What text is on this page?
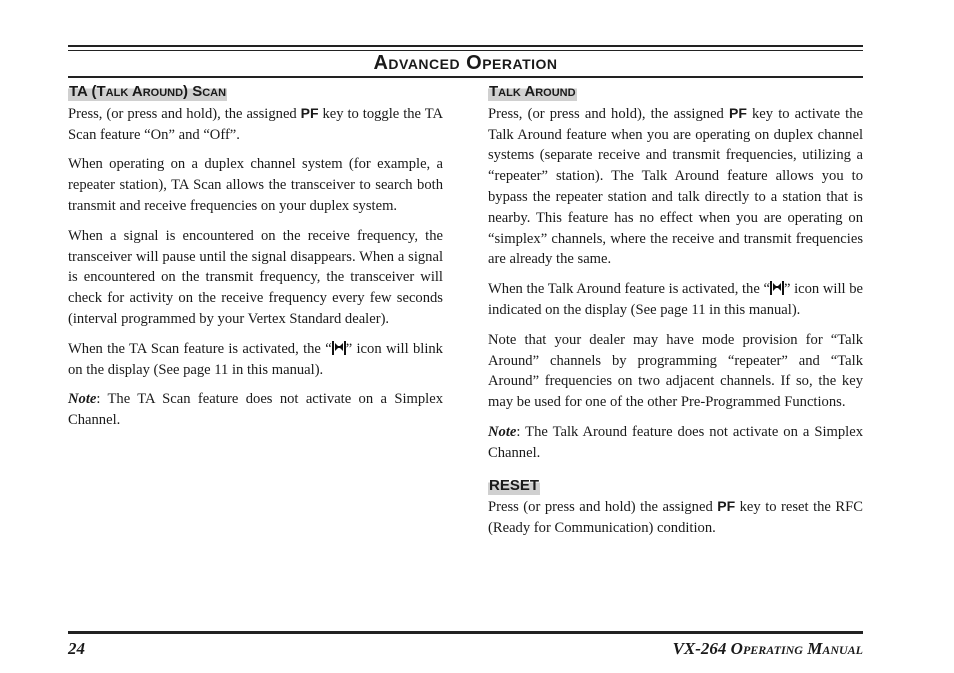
Advanced Operation
TA (Talk Around) Scan

Press, (or press and hold), the assigned PF key to toggle the TA Scan feature “On” and “Off”.

When operating on a duplex channel system (for example, a repeater station), TA Scan allows the transceiver to search both transmit and receive frequencies on your duplex system.

When a signal is encountered on the receive frequency, the transceiver will pause until the signal disappears. When a signal is encountered on the transmit frequency, the transceiver will check for activity on the receive frequency every few seconds (interval programmed by your Vertex Standard dealer).

When the TA Scan feature is activated, the “ ” icon will blink on the display (See page 11 in this manual).

Note: The TA Scan feature does not activate on a Simplex Channel.

Talk Around

Press, (or press and hold), the assigned PF key to activate the Talk Around feature when you are operating on duplex channel systems (separate receive and transmit frequencies, utilizing a “repeater” station). The Talk Around feature allows you to bypass the repeater station and talk directly to a station that is nearby. This feature has no effect when you are operating on “simplex” channels, where the receive and transmit frequencies are already the same.

When the Talk Around feature is activated, the “ ” icon will be indicated on the display (See page 11 in this manual).

Note that your dealer may have mode provision for “Talk Around” channels by programming “repeater” and “Talk Around” frequencies on two adjacent channels. If so, the key may be used for one of the other Pre-Programmed Functions.

Note: The Talk Around feature does not activate on a Simplex Channel.

RESET

Press (or press and hold) the assigned PF key to reset the RFC (Ready for Communication) condition.

24	VX-264 Operating Manual
